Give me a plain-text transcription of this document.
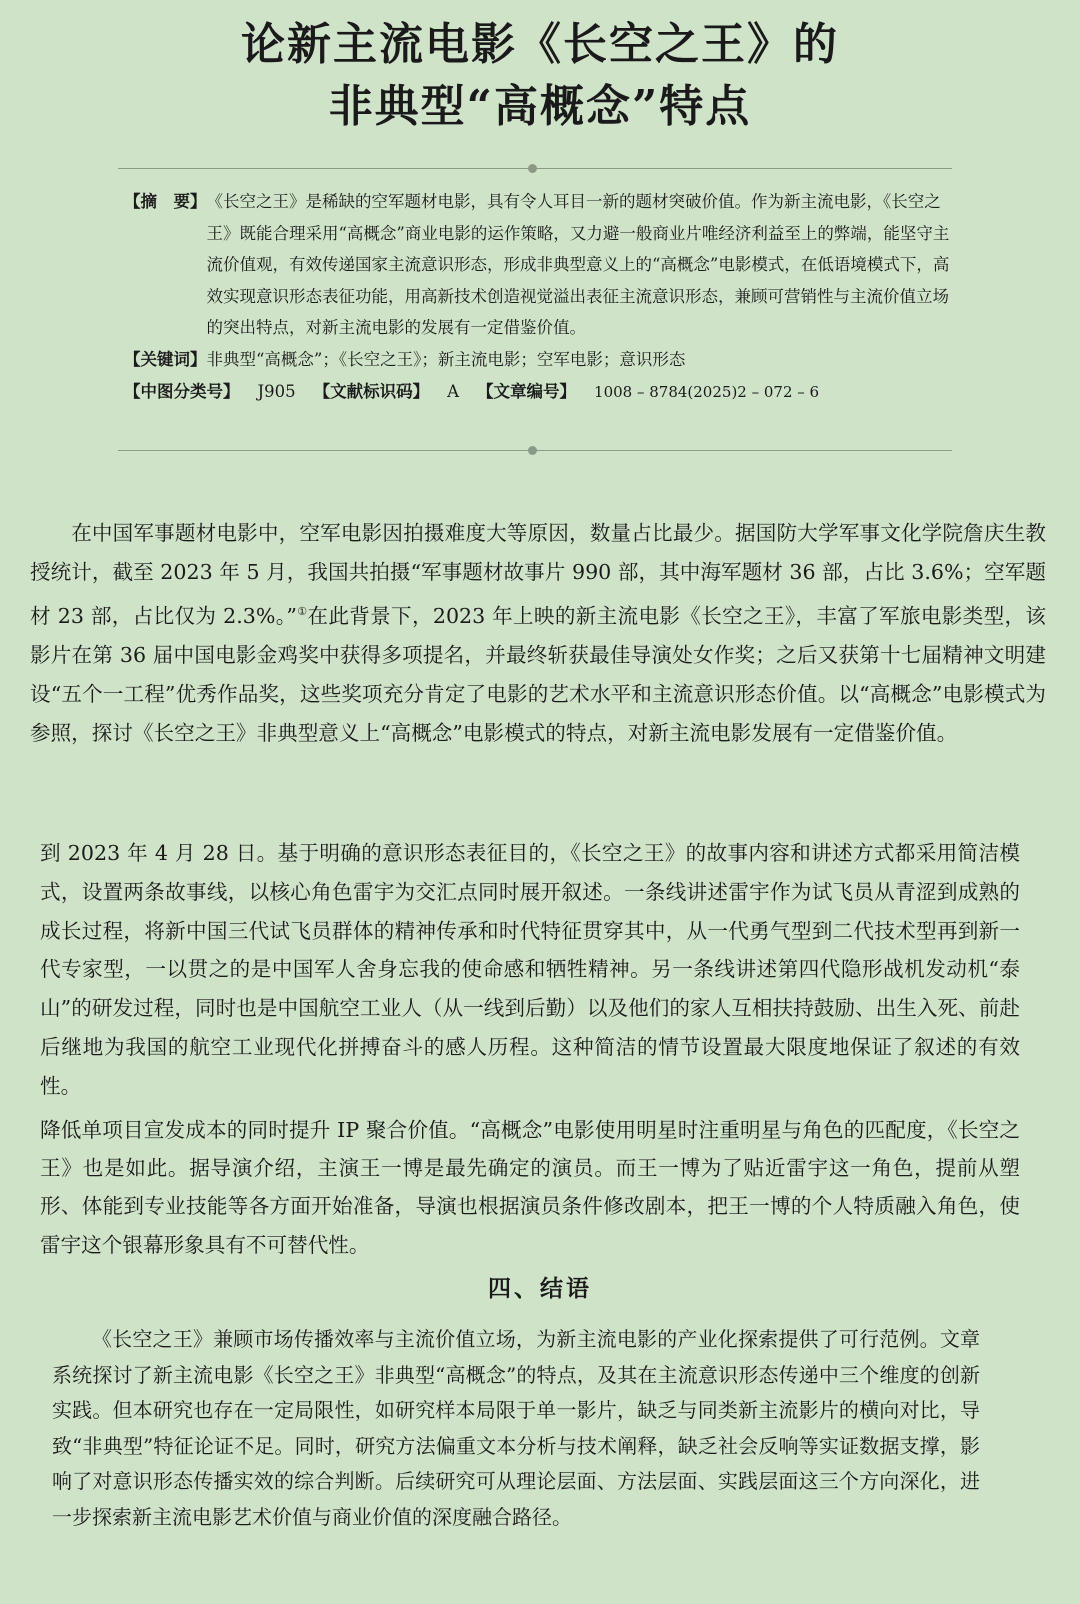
论新主流电影《长空之王》的
非典型“高概念”特点
【摘　要】 《长空之王》是稀缺的空军题材电影，具有令人耳目一新的题材突破价值。作为新主流电影，《长空之王》既能合理采用“高概念”商业电影的运作策略，又力避一般商业片唯经济利益至上的弊端，能坚守主流价值观，有效传递国家主流意识形态，形成非典型意义上的“高概念”电影模式，在低语境模式下，高效实现意识形态表征功能，用高新技术创造视觉溢出表征主流意识形态，兼顾可营销性与主流价值立场的突出特点，对新主流电影的发展有一定借鉴价值。
【关键词】 非典型“高概念”；《长空之王》；新主流电影；空军电影；意识形态
【中图分类号】 J905 【文献标识码】 A 【文章编号】 1008 – 8784(2025)2 – 072 – 6

在中国军事题材电影中，空军电影因拍摄难度大等原因，数量占比最少。据国防大学军事文化学院詹庆生教授统计，截至 2023 年 5 月，我国共拍摄“军事题材故事片 990 部，其中海军题材 36 部，占比 3.6%；空军题材 23 部，占比仅为 2.3%。”①在此背景下，2023 年上映的新主流电影《长空之王》，丰富了军旅电影类型，该影片在第 36 届中国电影金鸡奖中获得多项提名，并最终斩获最佳导演处女作奖；之后又获第十七届精神文明建设“五个一工程”优秀作品奖，这些奖项充分肯定了电影的艺术水平和主流意识形态价值。以“高概念”电影模式为参照，探讨《长空之王》非典型意义上“高概念”电影模式的特点，对新主流电影发展有一定借鉴价值。

到 2023 年 4 月 28 日。基于明确的意识形态表征目的，《长空之王》的故事内容和讲述方式都采用简洁模式，设置两条故事线，以核心角色雷宇为交汇点同时展开叙述。一条线讲述雷宇作为试飞员从青涩到成熟的成长过程，将新中国三代试飞员群体的精神传承和时代特征贯穿其中，从一代勇气型到二代技术型再到新一代专家型，一以贯之的是中国军人舍身忘我的使命感和牺牲精神。另一条线讲述第四代隐形战机发动机“泰山”的研发过程，同时也是中国航空工业人（从一线到后勤）以及他们的家人互相扶持鼓励、出生入死、前赴后继地为我国的航空工业现代化拼搏奋斗的感人历程。这种简洁的情节设置最大限度地保证了叙述的有效性。

降低单项目宣发成本的同时提升 IP 聚合价值。“高概念”电影使用明星时注重明星与角色的匹配度，《长空之王》也是如此。据导演介绍，主演王一博是最先确定的演员。而王一博为了贴近雷宇这一角色，提前从塑形、体能到专业技能等各方面开始准备，导演也根据演员条件修改剧本，把王一博的个人特质融入角色，使雷宇这个银幕形象具有不可替代性。

四、结语

《长空之王》兼顾市场传播效率与主流价值立场，为新主流电影的产业化探索提供了可行范例。文章系统探讨了新主流电影《长空之王》非典型“高概念”的特点，及其在主流意识形态传递中三个维度的创新实践。但本研究也存在一定局限性，如研究样本局限于单一影片，缺乏与同类新主流影片的横向对比，导致“非典型”特征论证不足。同时，研究方法偏重文本分析与技术阐释，缺乏社会反响等实证数据支撑，影响了对意识形态传播实效的综合判断。后续研究可从理论层面、方法层面、实践层面这三个方向深化，进一步探索新主流电影艺术价值与商业价值的深度融合路径。
